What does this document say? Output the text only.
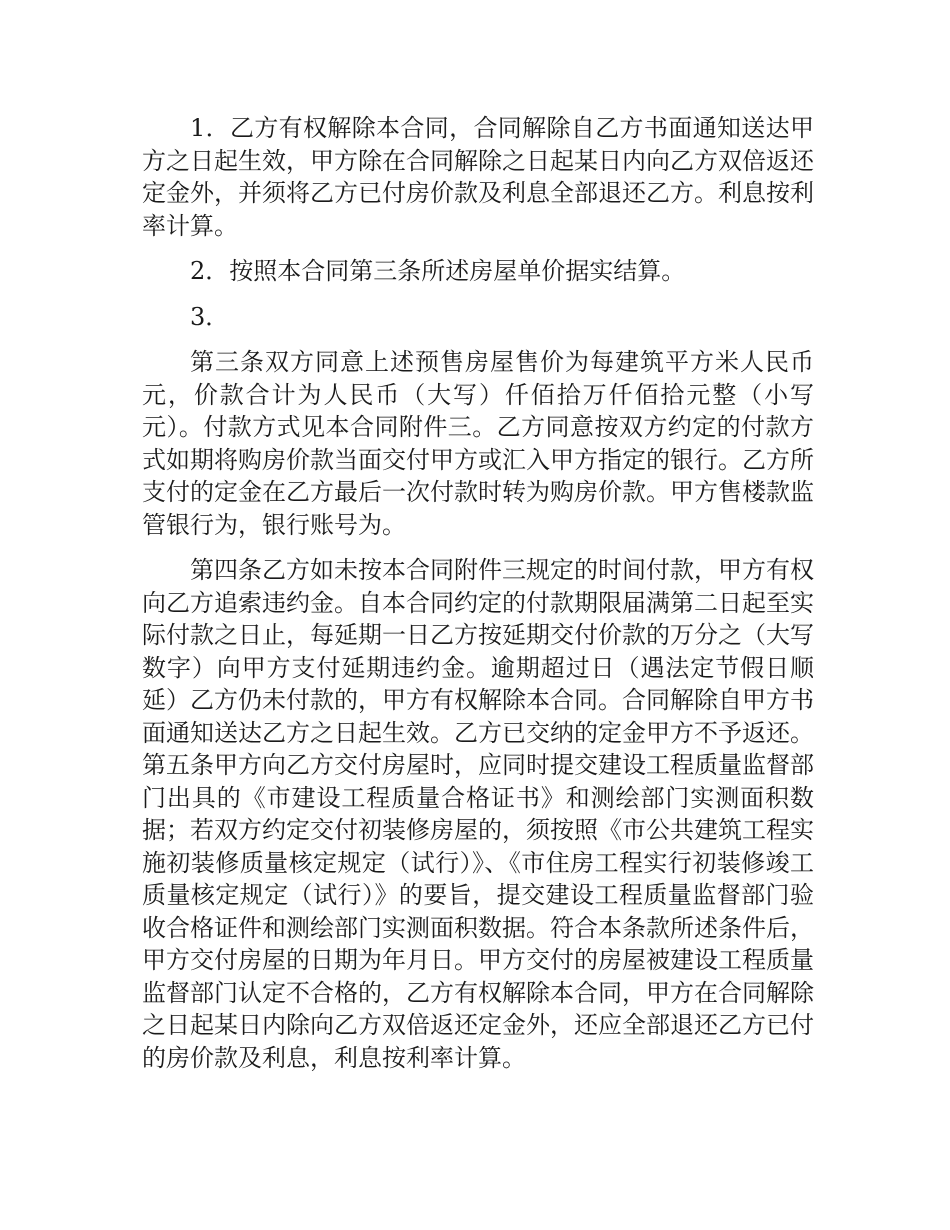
1．乙方有权解除本合同，合同解除自乙方书面通知送达甲方之日起生效，甲方除在合同解除之日起某日内向乙方双倍返还定金外，并须将乙方已付房价款及利息全部退还乙方。利息按利率计算。

2．按照本合同第三条所述房屋单价据实结算。

3．

第三条双方同意上述预售房屋售价为每建筑平方米人民币元，价款合计为人民币（大写）仟佰拾万仟佰拾元整（小写元）。付款方式见本合同附件三。乙方同意按双方约定的付款方式如期将购房价款当面交付甲方或汇入甲方指定的银行。乙方所支付的定金在乙方最后一次付款时转为购房价款。甲方售楼款监管银行为，银行账号为。

第四条乙方如未按本合同附件三规定的时间付款，甲方有权向乙方追索违约金。自本合同约定的付款期限届满第二日起至实际付款之日止，每延期一日乙方按延期交付价款的万分之（大写数字）向甲方支付延期违约金。逾期超过日（遇法定节假日顺延）乙方仍未付款的，甲方有权解除本合同。合同解除自甲方书面通知送达乙方之日起生效。乙方已交纳的定金甲方不予返还。第五条甲方向乙方交付房屋时，应同时提交建设工程质量监督部门出具的《市建设工程质量合格证书》和测绘部门实测面积数据；若双方约定交付初装修房屋的，须按照《市公共建筑工程实施初装修质量核定规定（试行）》、《市住房工程实行初装修竣工质量核定规定（试行）》的要旨，提交建设工程质量监督部门验收合格证件和测绘部门实测面积数据。符合本条款所述条件后，甲方交付房屋的日期为年月日。甲方交付的房屋被建设工程质量监督部门认定不合格的，乙方有权解除本合同，甲方在合同解除之日起某日内除向乙方双倍返还定金外，还应全部退还乙方已付的房价款及利息，利息按利率计算。
